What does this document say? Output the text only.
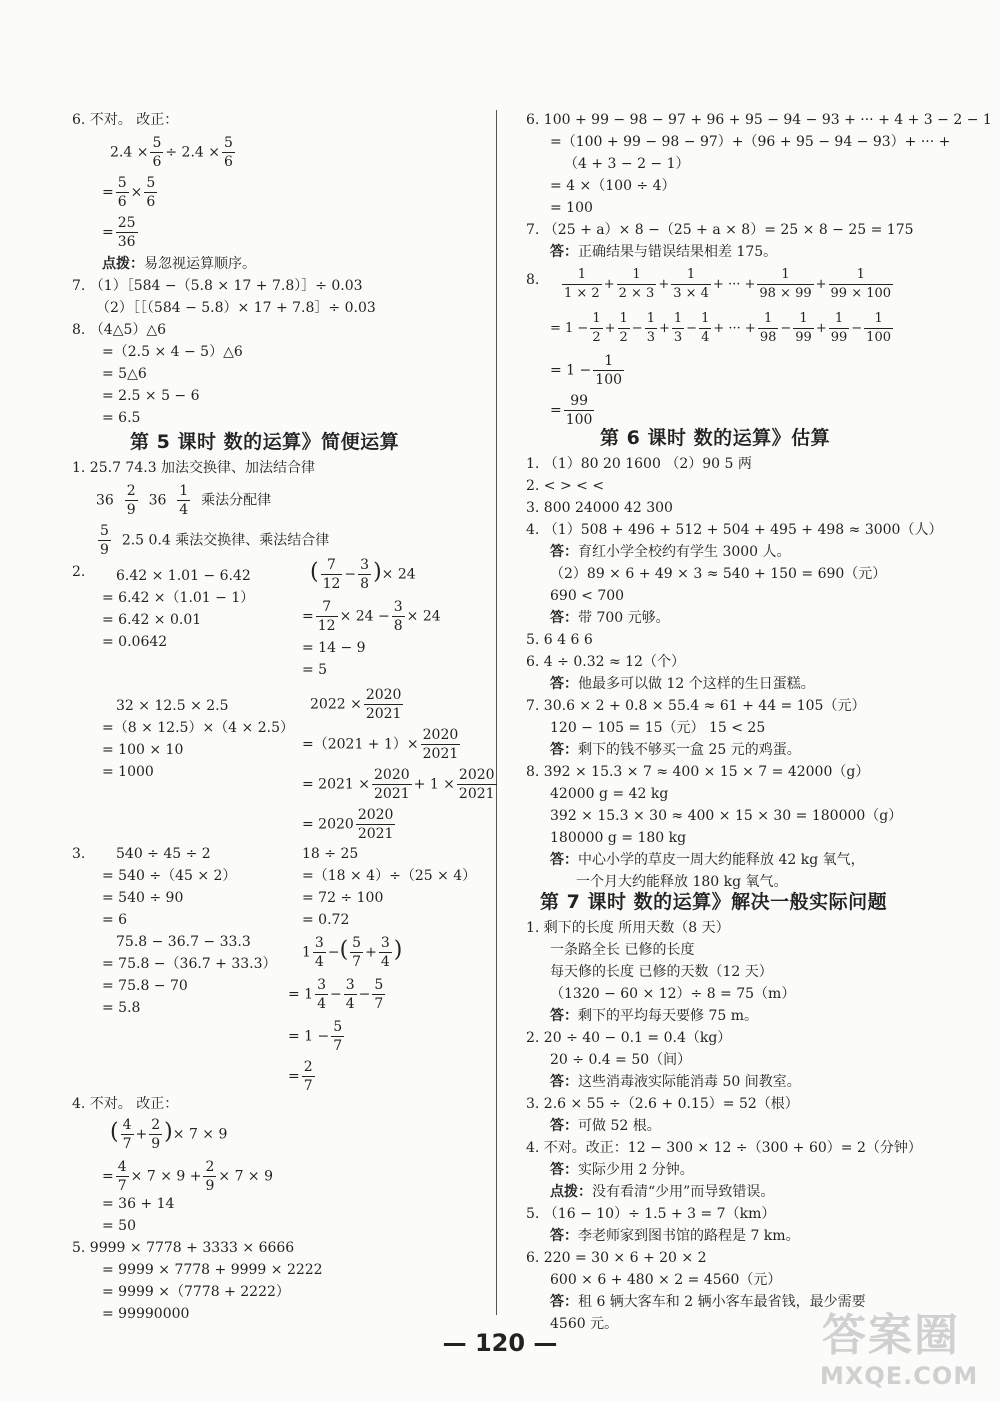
6. 不对。 改正：
$2.4 \times \frac{5}{6} \div 2.4 \times \frac{5}{6}$
= $\frac{5}{6} \times \frac{5}{6}$
= $\frac{25}{36}$
点拨：易忽视运算顺序。
7. （1）［584 −（5.8 × 17 + 7.8）］÷ 0.03
（2）［［（584 − 5.8）× 17 + 7.8］÷ 0.03
8. （4△5）△6
=（2.5 × 4 − 5）△6
= 5△6
= 2.5 × 5 − 6
= 6.5
第 5 课时 数的运算》简便运算
1. 25.7 74.3 加法交换律、加法结合律
$36 \frac{2}{9} 36 \frac{1}{4}$ 乘法分配律
$\frac{5}{9} 2.5$ 0.4 乘法交换律、乘法结合律
2. 6.42 × 1.01 − 6.42
= 6.42 ×（1.01 − 1）
= 6.42 × 0.01
= 0.0642
( $\frac{7}{12} - \frac{3}{8}$ )× 24
= $\frac{7}{12} \times 24 - \frac{3}{8} \times 24$
= 14 − 9
= 5
32 × 12.5 × 2.5
=（8 × 12.5）×（4 × 2.5）
= 100 × 10
= 1000
$2022 \times \frac{2020}{2021}$
$=(2021 + 1)\times \frac{2020}{2021}$
= $2021 \times \frac{2020}{2021} + 1 \times \frac{2020}{2021}$
= $2020 \frac{2020}{2021}$
3. 540 ÷ 45 ÷ 2
= 540 ÷（45 × 2）
= 540 ÷ 90
= 6
18 ÷ 25
=（18 × 4）÷（25 × 4）
= 72 ÷ 100
= 0.72
75.8 − 36.7 − 33.3
= 75.8 −（36.7 + 33.3）
= 75.8 − 70
= 5.8
$1 \frac{3}{4}$ −( $\frac{5}{7} + \frac{3}{4}$ )
= $1 \frac{3}{4} - \frac{3}{4} - \frac{5}{7}$
= $1 - \frac{5}{7}$
= $\frac{2}{7}$
4. 不对。 改正：
( $\frac{4}{7} + \frac{2}{9}$ )× 7 × 9
= $\frac{4}{7} \times 7 \times 9 + \frac{2}{9} \times 7 \times 9$
= 36 + 14
= 50
5. 9999 × 7778 + 3333 × 6666
= 9999 × 7778 + 9999 × 2222
= 9999 ×（7778 + 2222）
= 99990000
6. 100 + 99 − 98 − 97 + 96 + 95 − 94 − 93 + ··· + 4 + 3 − 2 − 1
=（100 + 99 − 98 − 97）+（96 + 95 − 94 − 93）+ ··· +
（4 + 3 − 2 − 1）
= 4 ×（100 ÷ 4）
= 100
7. （25 + a）× 8 −（25 + a × 8）= 25 × 8 − 25 = 175
答：正确结果与错误结果相差 175。
8. $\frac{1}{1 \times 2} + \frac{1}{2 \times 3} + \frac{1}{3 \times 4}$ + ··· + $\frac{1}{98 \times 99} + \frac{1}{99 \times 100}$
= $1 - \frac{1}{2} + \frac{1}{2} - \frac{1}{3} + \frac{1}{3} - \frac{1}{4}$ + ··· + $\frac{1}{98} - \frac{1}{99} + \frac{1}{99} - \frac{1}{100}$
= $1 - \frac{1}{100}$
= $\frac{99}{100}$
第 6 课时 数的运算》估算
1. （1）80 20 1600 （2）90 5 两
2. < > < <
3. 800 24000 42 300
4. （1）508 + 496 + 512 + 504 + 495 + 498 ≈ 3000（人）
答：育红小学全校约有学生 3000 人。
（2）89 × 6 + 49 × 3 ≈ 540 + 150 = 690（元）
690 < 700
答：带 700 元够。
5. 6 4 6 6
6. 4 ÷ 0.32 ≈ 12（个）
答：他最多可以做 12 个这样的生日蛋糕。
7. 30.6 × 2 + 0.8 × 55.4 ≈ 61 + 44 = 105（元）
120 − 105 = 15（元） 15 < 25
答：剩下的钱不够买一盒 25 元的鸡蛋。
8. 392 × 15.3 × 7 ≈ 400 × 15 × 7 = 42000（g）
42000 g = 42 kg
392 × 15.3 × 30 ≈ 400 × 15 × 30 = 180000（g）
180000 g = 180 kg
答：中心小学的草皮一周大约能释放 42 kg 氧气，
一个月大约能释放 180 kg 氧气。
第 7 课时 数的运算》解决一般实际问题
1. 剩下的长度 所用天数（8 天）
一条路全长 已修的长度
每天修的长度 已修的天数（12 天）
（1320 − 60 × 12）÷ 8 = 75（m）
答：剩下的平均每天要修 75 m。
2. 20 ÷ 40 − 0.1 = 0.4（kg）
20 ÷ 0.4 = 50（间）
答：这些消毒液实际能消毒 50 间教室。
3. 2.6 × 55 ÷（2.6 + 0.15）= 52（根）
答：可做 52 根。
4. 不对。改正：12 − 300 × 12 ÷（300 + 60）= 2（分钟）
答：实际少用 2 分钟。
点拨：没有看清“少用”而导致错误。
5. （16 − 10）÷ 1.5 + 3 = 7（km）
答：李老师家到图书馆的路程是 7 km。
6. 220 = 30 × 6 + 20 × 2
600 × 6 + 480 × 2 = 4560（元）
答：租 6 辆大客车和 2 辆小客车最省钱，最少需要
4560 元。
— 120 —	答案圈
MXQE.COM
